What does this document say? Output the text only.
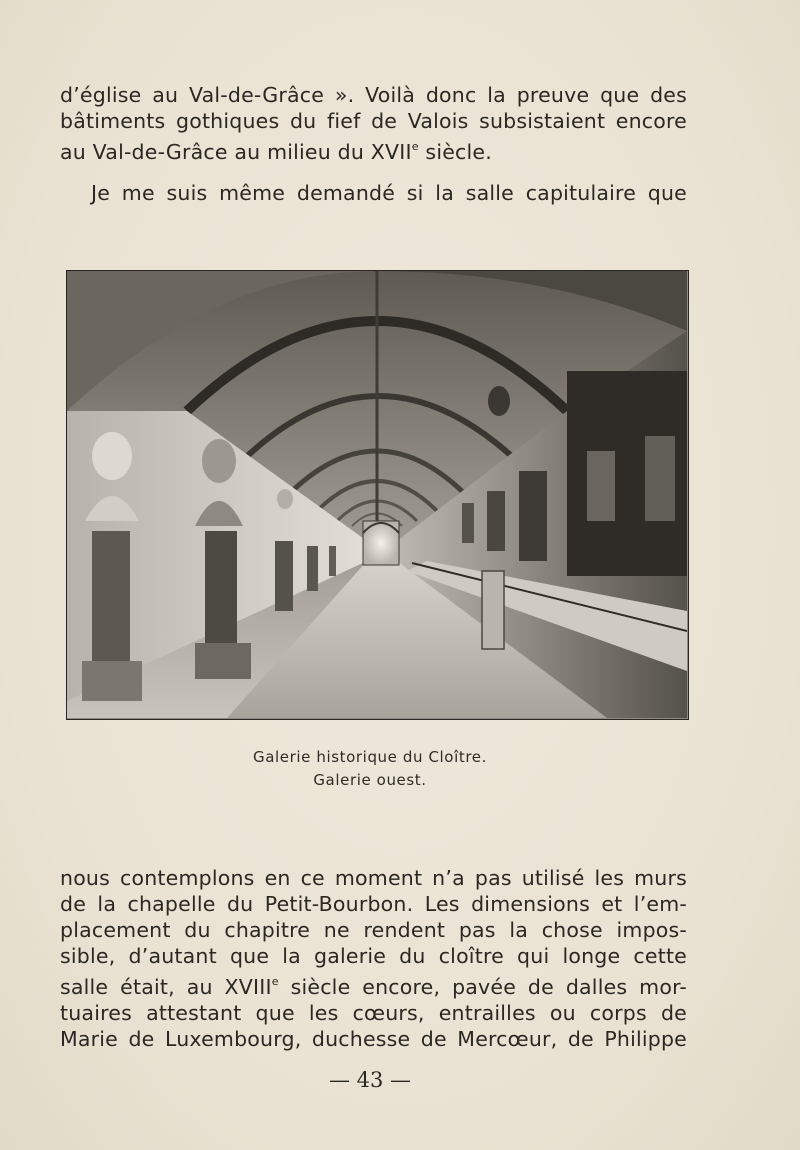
d’église au Val-de-Grâce ». Voilà donc la preuve que des
bâtiments gothiques du fief de Valois subsistaient encore
au Val-de-Grâce au milieu du XVIIe siècle.
Je me suis même demandé si la salle capitulaire que
Galerie historique du Cloître.
Galerie ouest.
nous contemplons en ce moment n’a pas utilisé les murs
de la chapelle du Petit-Bourbon. Les dimensions et l’em-
placement du chapitre ne rendent pas la chose impos-
sible, d’autant que la galerie du cloître qui longe cette
salle était, au XVIIIe siècle encore, pavée de dalles mor-
tuaires attestant que les cœurs, entrailles ou corps de
Marie de Luxembourg, duchesse de Mercœur, de Philippe
— 43 —
